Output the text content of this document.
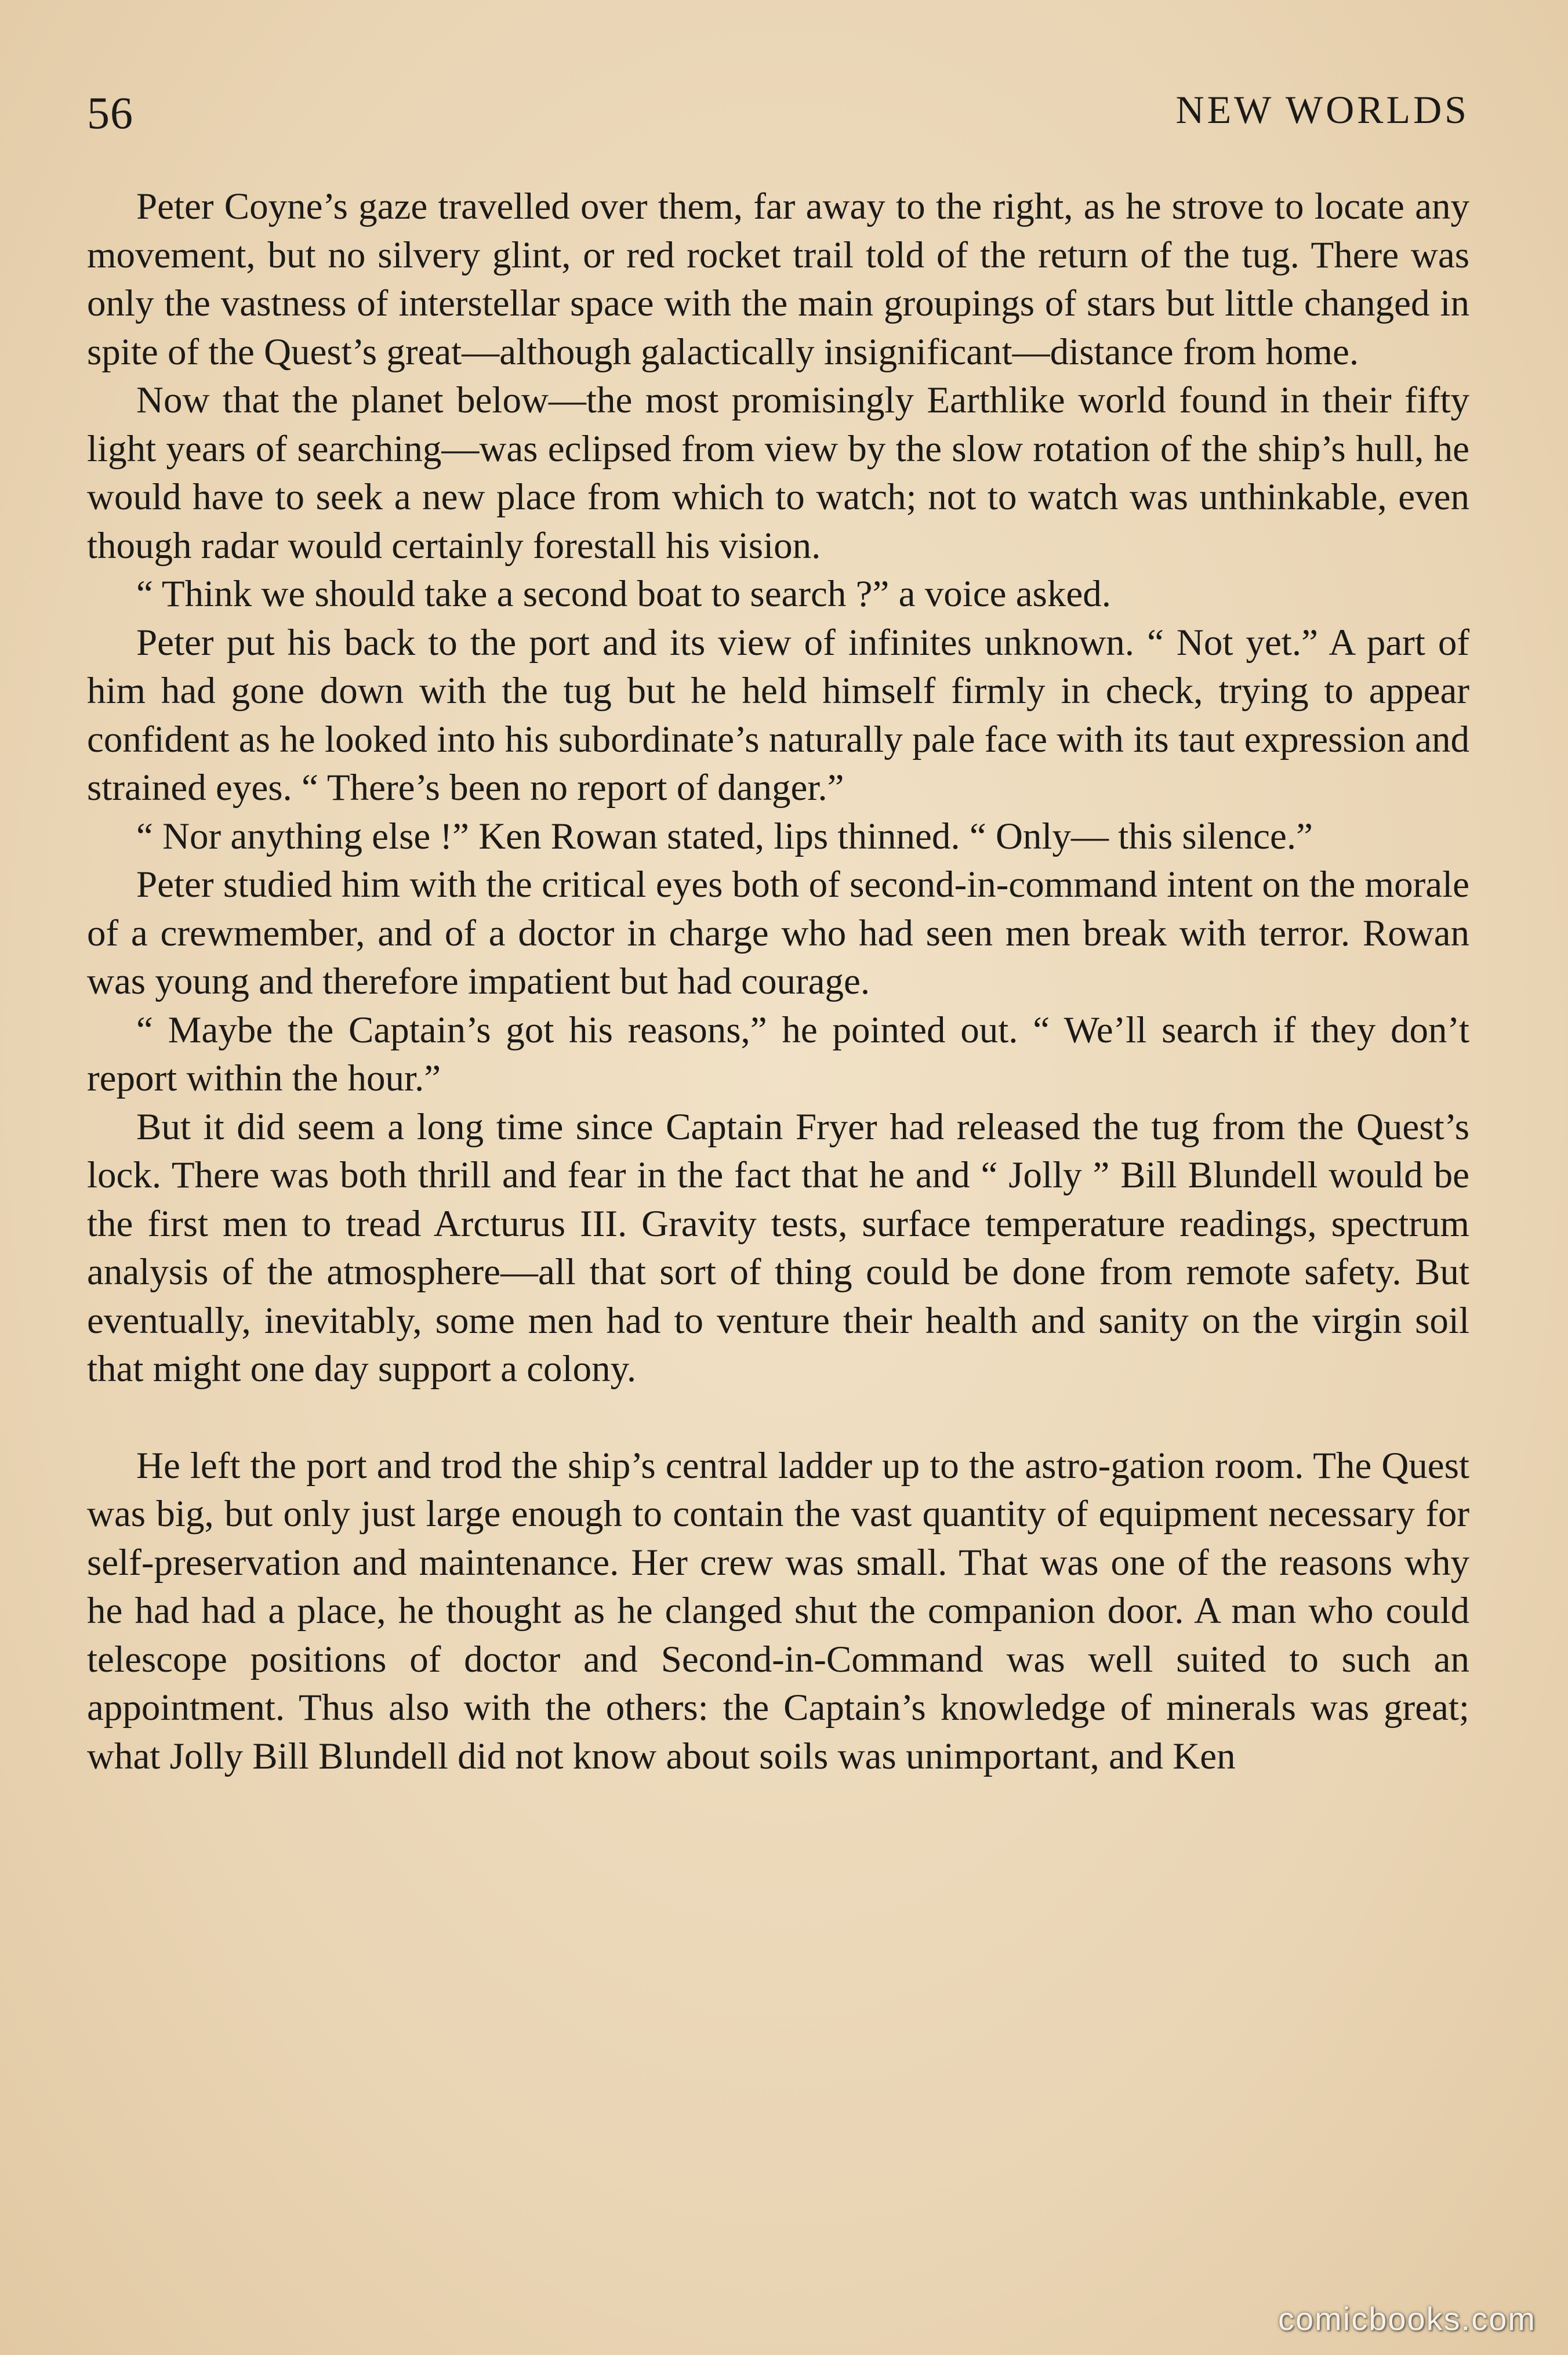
56	NEW WORLDS

Peter Coyne’s gaze travelled over them, far away to the right, as he strove to locate any movement, but no silvery glint, or red rocket trail told of the return of the tug. There was only the vastness of interstellar space with the main groupings of stars but little changed in spite of the Quest’s great—although galactically insignificant—distance from home.

Now that the planet below—the most promisingly Earthlike world found in their fifty light years of searching—was eclipsed from view by the slow rotation of the ship’s hull, he would have to seek a new place from which to watch; not to watch was unthinkable, even though radar would certainly forestall his vision.

“ Think we should take a second boat to search ?” a voice asked.

Peter put his back to the port and its view of infinites unknown. “ Not yet.” A part of him had gone down with the tug but he held himself firmly in check, trying to appear confident as he looked into his subordinate’s naturally pale face with its taut expression and strained eyes. “ There’s been no report of danger.”

“ Nor anything else !” Ken Rowan stated, lips thinned. “ Only— this silence.”

Peter studied him with the critical eyes both of second-in-command intent on the morale of a crewmember, and of a doctor in charge who had seen men break with terror. Rowan was young and therefore impatient but had courage.

“ Maybe the Captain’s got his reasons,” he pointed out. “ We’ll search if they don’t report within the hour.”

But it did seem a long time since Captain Fryer had released the tug from the Quest’s lock. There was both thrill and fear in the fact that he and “ Jolly ” Bill Blundell would be the first men to tread Arcturus III. Gravity tests, surface temperature readings, spectrum analysis of the atmosphere—all that sort of thing could be done from remote safety. But eventually, inevitably, some men had to venture their health and sanity on the virgin soil that might one day support a colony.

He left the port and trod the ship’s central ladder up to the astro-gation room. The Quest was big, but only just large enough to contain the vast quantity of equipment necessary for self-preservation and maintenance. Her crew was small. That was one of the reasons why he had had a place, he thought as he clanged shut the companion door. A man who could telescope positions of doctor and Second-in-Command was well suited to such an appointment. Thus also with the others: the Captain’s knowledge of minerals was great; what Jolly Bill Blundell did not know about soils was unimportant, and Ken

comicbooks.com
